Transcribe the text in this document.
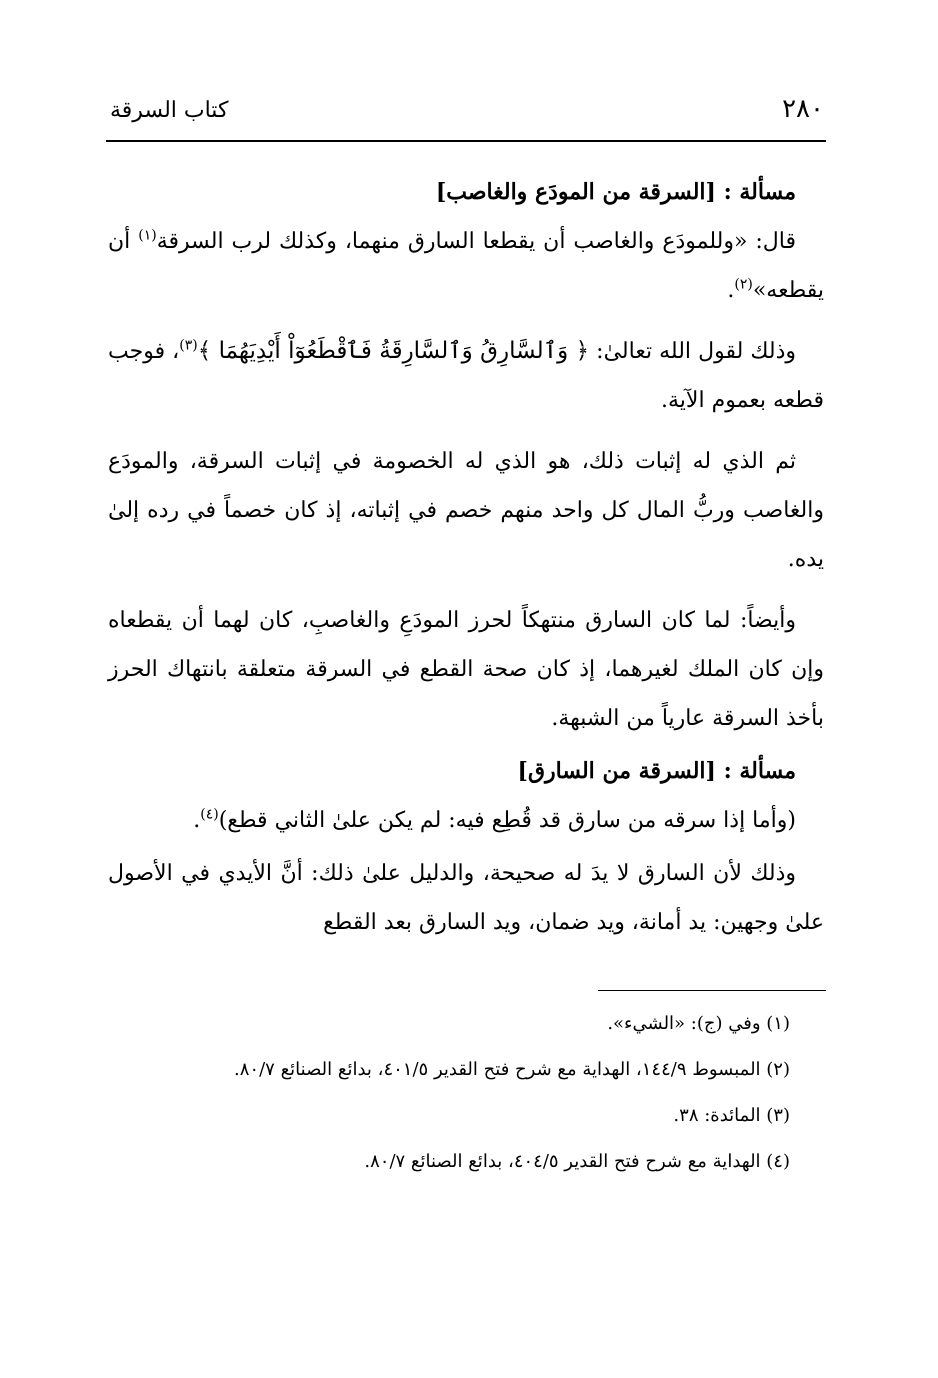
٢٨٠
كتاب السرقة
مسألة : [السرقة من المودَع والغاصب]

قال: «وللمودَع والغاصب أن يقطعا السارق منهما، وكذلك لرب السرقة$^{(١)}$ أن يقطعه»$^{(٢)}$.

وذلك لقول الله تعالىٰ: ﴿ وَٱلسَّارِقُ وَٱلسَّارِقَةُ فَٱقْطَعُوٓاْ أَيْدِيَهُمَا ﴾$^{(٣)}$، فوجب قطعه بعموم الآية.

ثم الذي له إثبات ذلك، هو الذي له الخصومة في إثبات السرقة، والمودَع والغاصب وربُّ المال كل واحد منهم خصم في إثباته، إذ كان خصماً في رده إلىٰ يده.

وأيضاً: لما كان السارق منتهكاً لحرز المودَعِ والغاصبِ، كان لهما أن يقطعاه وإن كان الملك لغيرهما، إذ كان صحة القطع في السرقة متعلقة بانتهاك الحرز بأخذ السرقة عارياً من الشبهة.

مسألة : [السرقة من السارق]

(وأما إذا سرقه من سارق قد قُطِع فيه: لم يكن علىٰ الثاني قطع)$^{(٤)}$.

وذلك لأن السارق لا يدَ له صحيحة، والدليل علىٰ ذلك: أنَّ الأيدي في الأصول علىٰ وجهين: يد أمانة، ويد ضمان، ويد السارق بعد القطع

(١) وفي (ج): «الشيء».

(٢) المبسوط ١٤٤/٩، الهداية مع شرح فتح القدير ٤٠١/٥، بدائع الصنائع ٨٠/٧.

(٣) المائدة: ٣٨.

(٤) الهداية مع شرح فتح القدير ٤٠٤/٥، بدائع الصنائع ٨٠/٧.
